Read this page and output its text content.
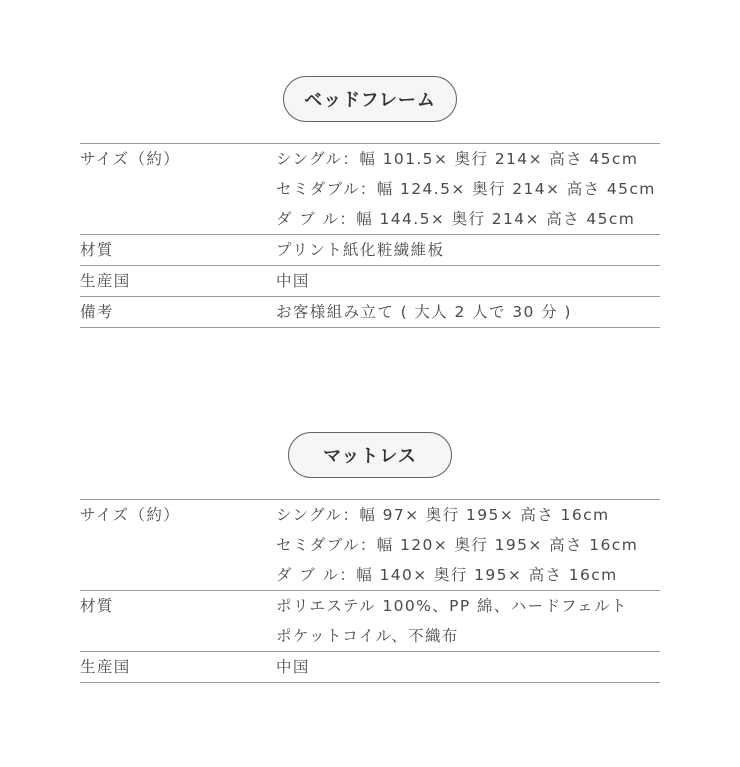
ベッドフレーム
サイズ（約）	シングル：幅 101.5× 奥行 214× 高さ 45cm
セミダブル：幅 124.5× 奥行 214× 高さ 45cm
ダ ブ ル：幅 144.5× 奥行 214× 高さ 45cm

材質	プリント紙化粧繊維板
生産国	中国
備考	お客様組み立て ( 大人 2 人で 30 分 )
マットレス
サイズ（約）	シングル：幅 97× 奥行 195× 高さ 16cm
セミダブル：幅 120× 奥行 195× 高さ 16cm
ダ ブ ル：幅 140× 奥行 195× 高さ 16cm

材質	ポリエステル 100%、PP 綿、ハードフェルト
ポケットコイル、不織布

生産国	中国
